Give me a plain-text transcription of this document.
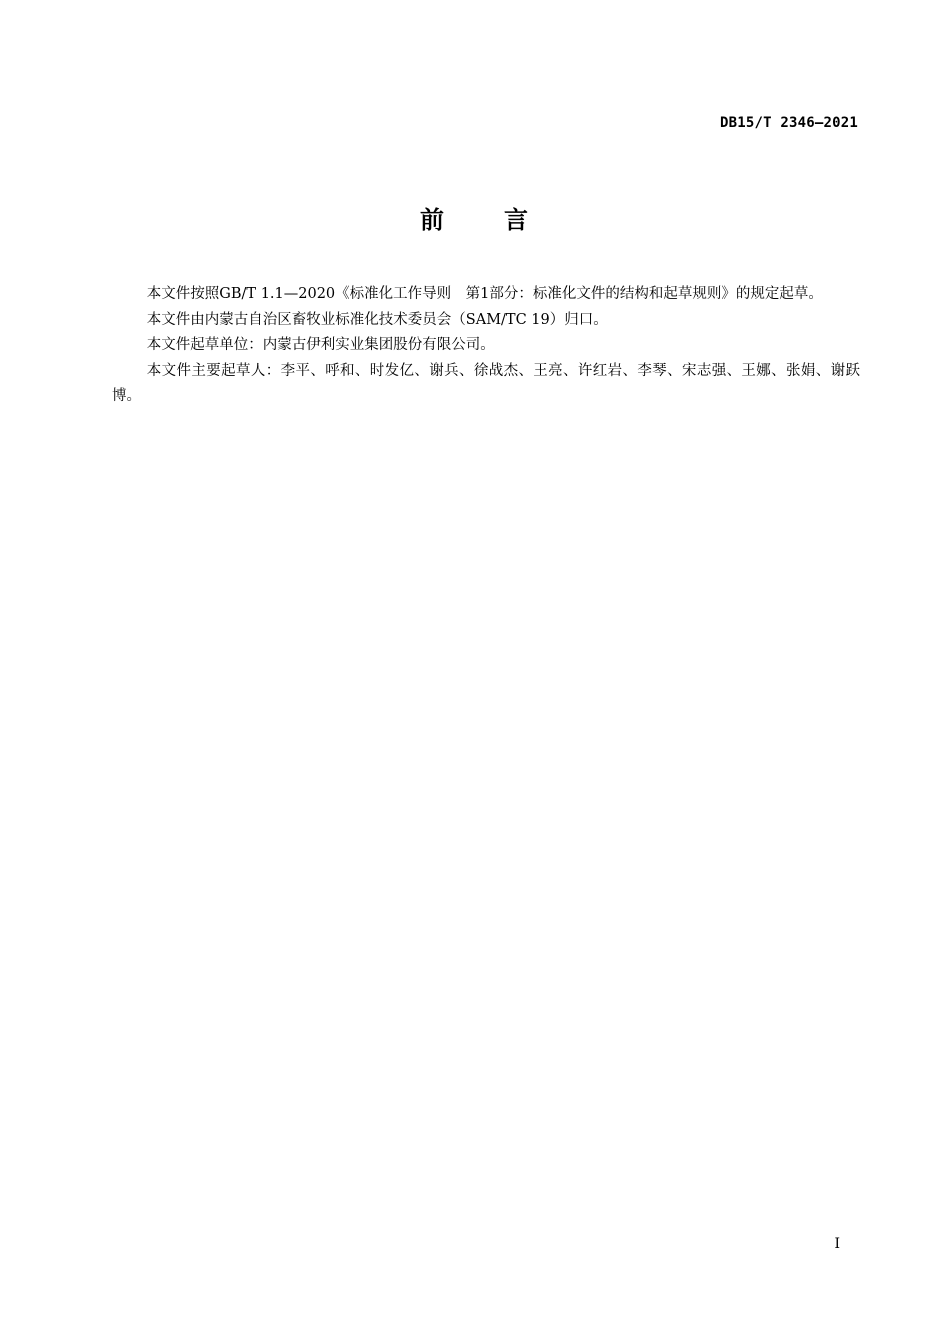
DB15/T 2346—2021
前 言

本文件按照GB/T 1.1—2020《标准化工作导则　第1部分：标准化文件的结构和起草规则》的规定起草。

本文件由内蒙古自治区畜牧业标准化技术委员会（SAM/TC 19）归口。

本文件起草单位：内蒙古伊利实业集团股份有限公司。

本文件主要起草人：李平、呼和、时发亿、谢兵、徐战杰、王亮、许红岩、李琴、宋志强、王娜、张娟、谢跃博。

I
